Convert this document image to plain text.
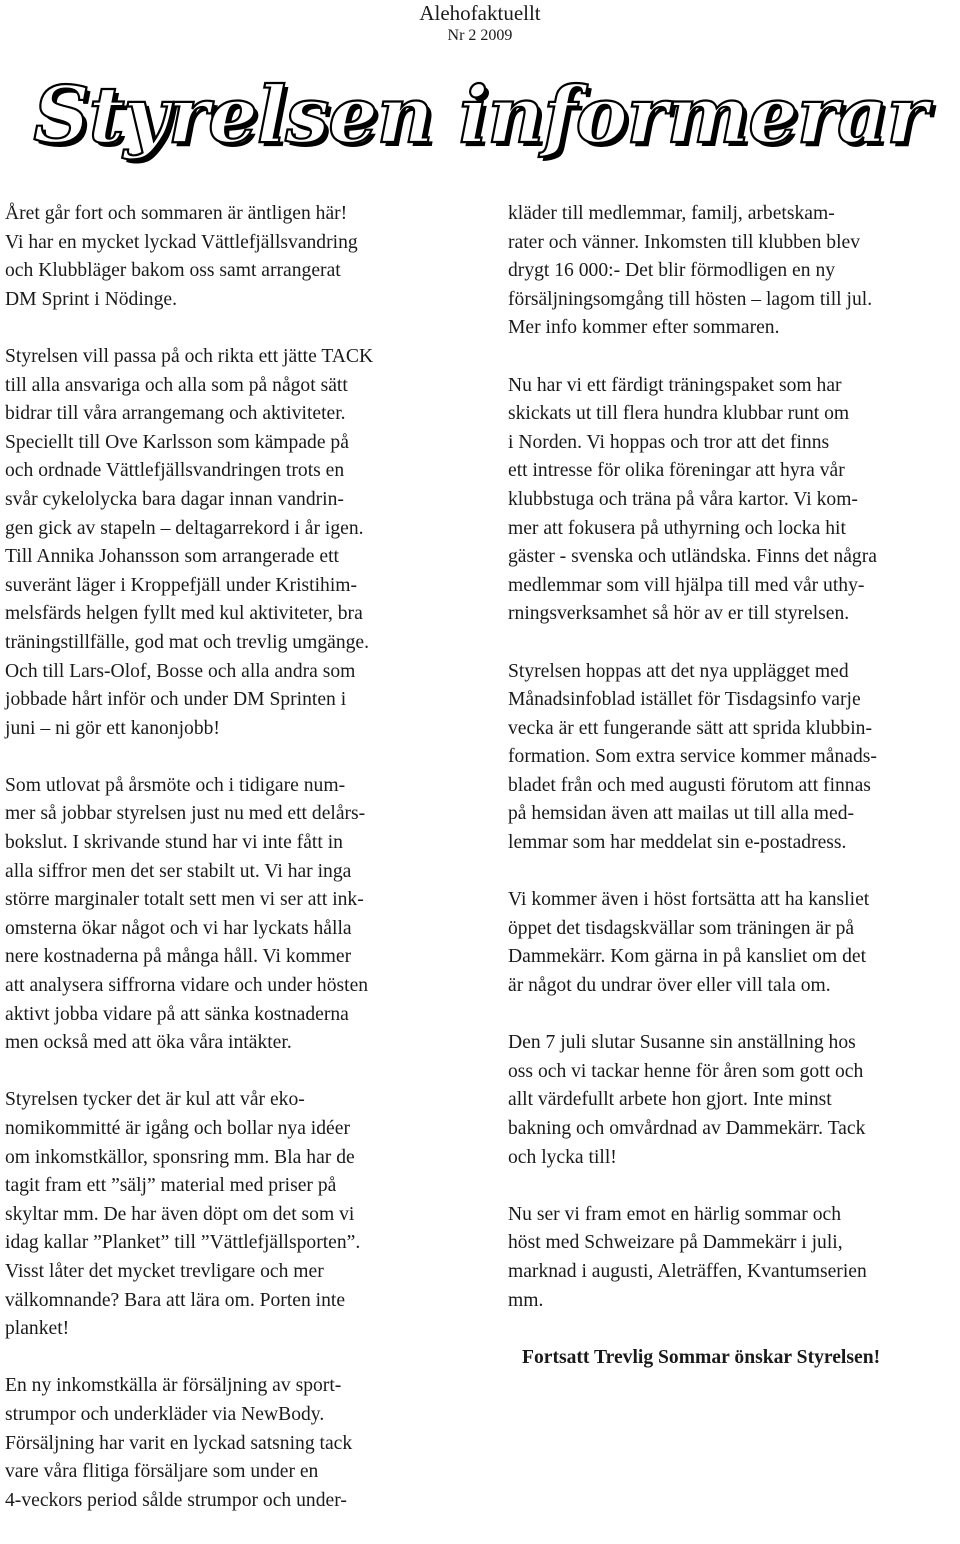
Alehofaktuellt
Nr 2 2009
Styrelsen informerar
Året går fort och sommaren är äntligen här!
Vi har en mycket lyckad Vättlefjällsvandring
och Klubbläger bakom oss samt arrangerat
DM Sprint i Nödinge.
Styrelsen vill passa på och rikta ett jätte TACK
till alla ansvariga och alla som på något sätt
bidrar till våra arrangemang och aktiviteter.
Speciellt till Ove Karlsson som kämpade på
och ordnade Vättlefjällsvandringen trots en
svår cykelolycka bara dagar innan vandrin-
gen gick av stapeln – deltagarrekord i år igen.
Till Annika Johansson som arrangerade ett
suveränt läger i Kroppefjäll under Kristihim-
melsfärds helgen fyllt med kul aktiviteter, bra
träningstillfälle, god mat och trevlig umgänge.
Och till Lars-Olof, Bosse och alla andra som
jobbade hårt inför och under DM Sprinten i
juni – ni gör ett kanonjobb!
Som utlovat på årsmöte och i tidigare num-
mer så jobbar styrelsen just nu med ett delårs-
bokslut. I skrivande stund har vi inte fått in
alla siffror men det ser stabilt ut. Vi har inga
större marginaler totalt sett men vi ser att ink-
omsterna ökar något och vi har lyckats hålla
nere kostnaderna på många håll. Vi kommer
att analysera siffrorna vidare och under hösten
aktivt jobba vidare på att sänka kostnaderna
men också med att öka våra intäkter.
Styrelsen tycker det är kul att vår eko-
nomikommitté är igång och bollar nya idéer
om inkomstkällor, sponsring mm. Bla har de
tagit fram ett ”sälj” material med priser på
skyltar mm. De har även döpt om det som vi
idag kallar ”Planket” till ”Vättlefjällsporten”.
Visst låter det mycket trevligare och mer
välkomnande? Bara att lära om. Porten inte
planket!
En ny inkomstkälla är försäljning av sport-
strumpor och underkläder via NewBody.
Försäljning har varit en lyckad satsning tack
vare våra flitiga försäljare som under en
4-veckors period sålde strumpor och under-
kläder till medlemmar, familj, arbetskam-
rater och vänner. Inkomsten till klubben blev
drygt 16 000:- Det blir förmodligen en ny
försäljningsomgång till hösten – lagom till jul.
Mer info kommer efter sommaren.
Nu har vi ett färdigt träningspaket som har
skickats ut till flera hundra klubbar runt om
i Norden. Vi hoppas och tror att det finns
ett intresse för olika föreningar att hyra vår
klubbstuga och träna på våra kartor. Vi kom-
mer att fokusera på uthyrning och locka hit
gäster - svenska och utländska. Finns det några
medlemmar som vill hjälpa till med vår uthy-
rningsverksamhet så hör av er till styrelsen.
Styrelsen hoppas att det nya upplägget med
Månadsinfoblad istället för Tisdagsinfo varje
vecka är ett fungerande sätt att sprida klubbin-
formation. Som extra service kommer månads-
bladet från och med augusti förutom att finnas
på hemsidan även att mailas ut till alla med-
lemmar som har meddelat sin e-postadress.
Vi kommer även i höst fortsätta att ha kansliet
öppet det tisdagskvällar som träningen är på
Dammekärr. Kom gärna in på kansliet om det
är något du undrar över eller vill tala om.
Den 7 juli slutar Susanne sin anställning hos
oss och vi tackar henne för åren som gott och
allt värdefullt arbete hon gjort. Inte minst
bakning och omvårdnad av Dammekärr. Tack
och lycka till!
Nu ser vi fram emot en härlig sommar och
höst med Schweizare på Dammekärr i juli,
marknad i augusti, Aleträffen, Kvantumserien
mm.
Fortsatt Trevlig Sommar önskar Styrelsen!
